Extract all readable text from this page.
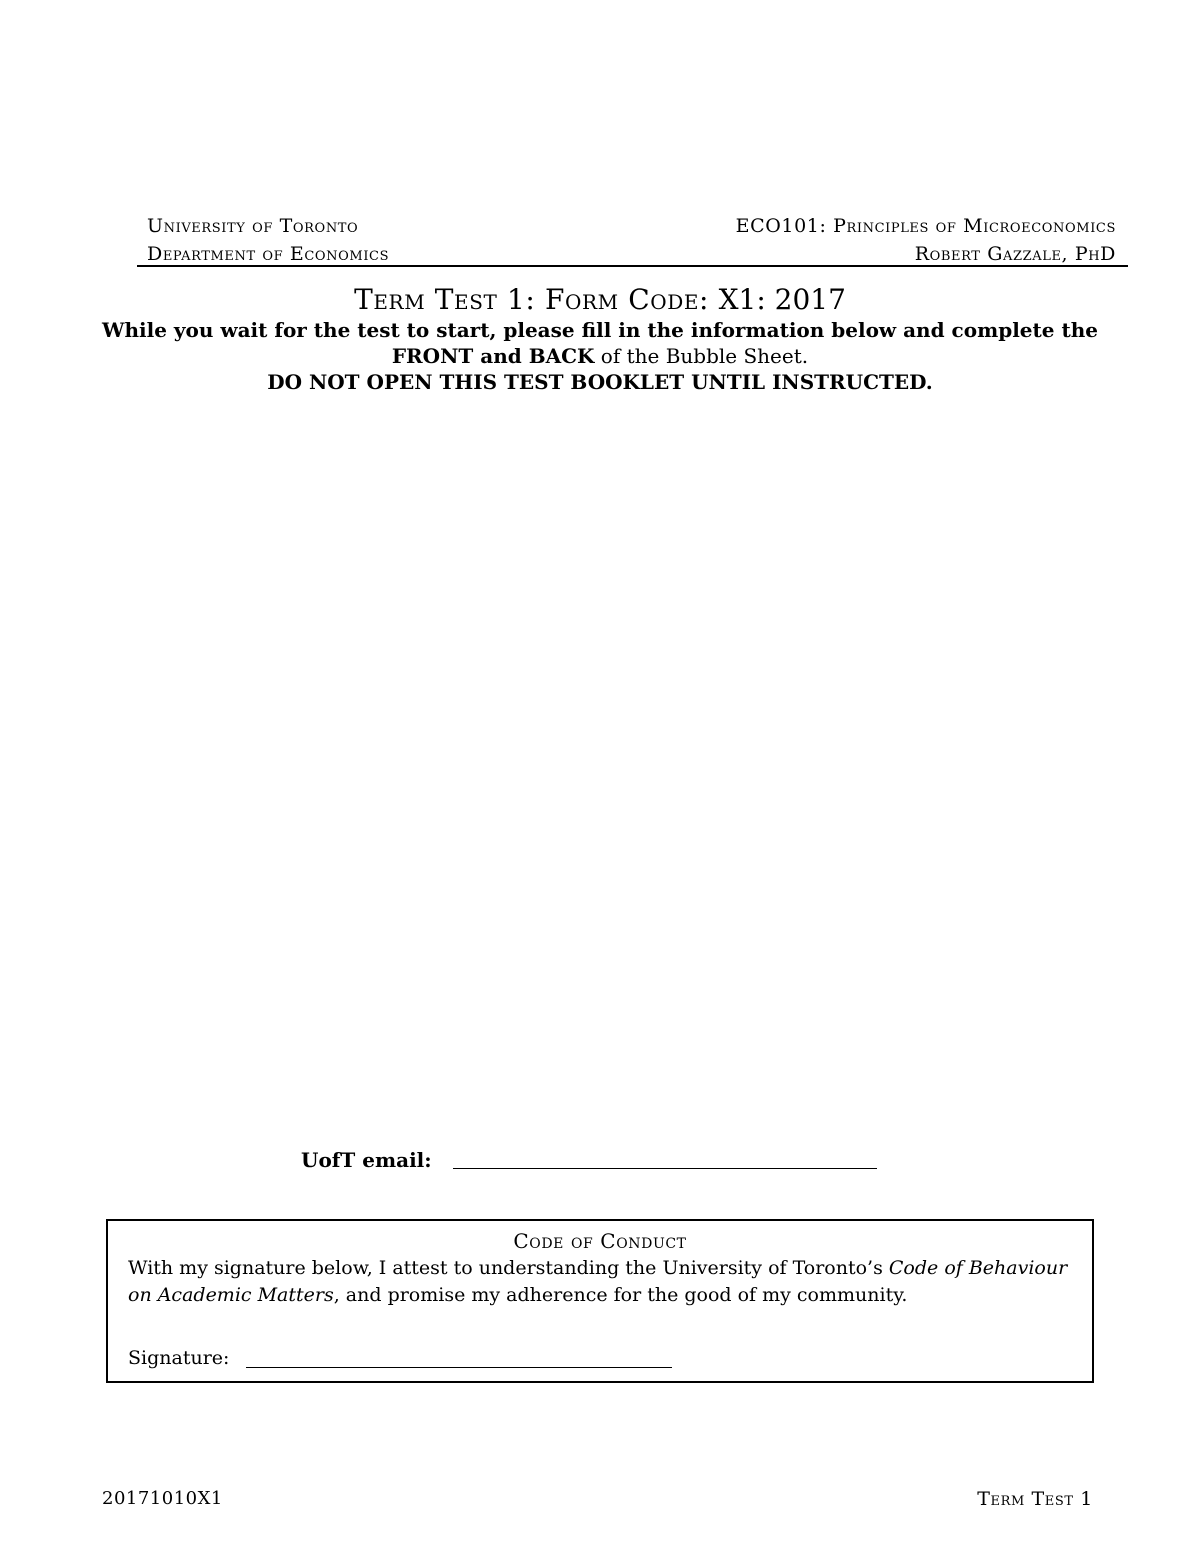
University of Toronto
Department of Economics
ECO101: Principles of Microeconomics
Robert Gazzale, PhD
Term Test 1: Form Code: X1: 2017
While you wait for the test to start, please fill in the information below and complete the
FRONT and BACK of the Bubble Sheet.
DO NOT OPEN THIS TEST BOOKLET UNTIL INSTRUCTED.
UofT email:
Code of Conduct
With my signature below, I attest to understanding the University of Toronto’s Code of Behaviour on Academic Matters, and promise my adherence for the good of my community.
Signature:
20171010X1	Term Test 1
